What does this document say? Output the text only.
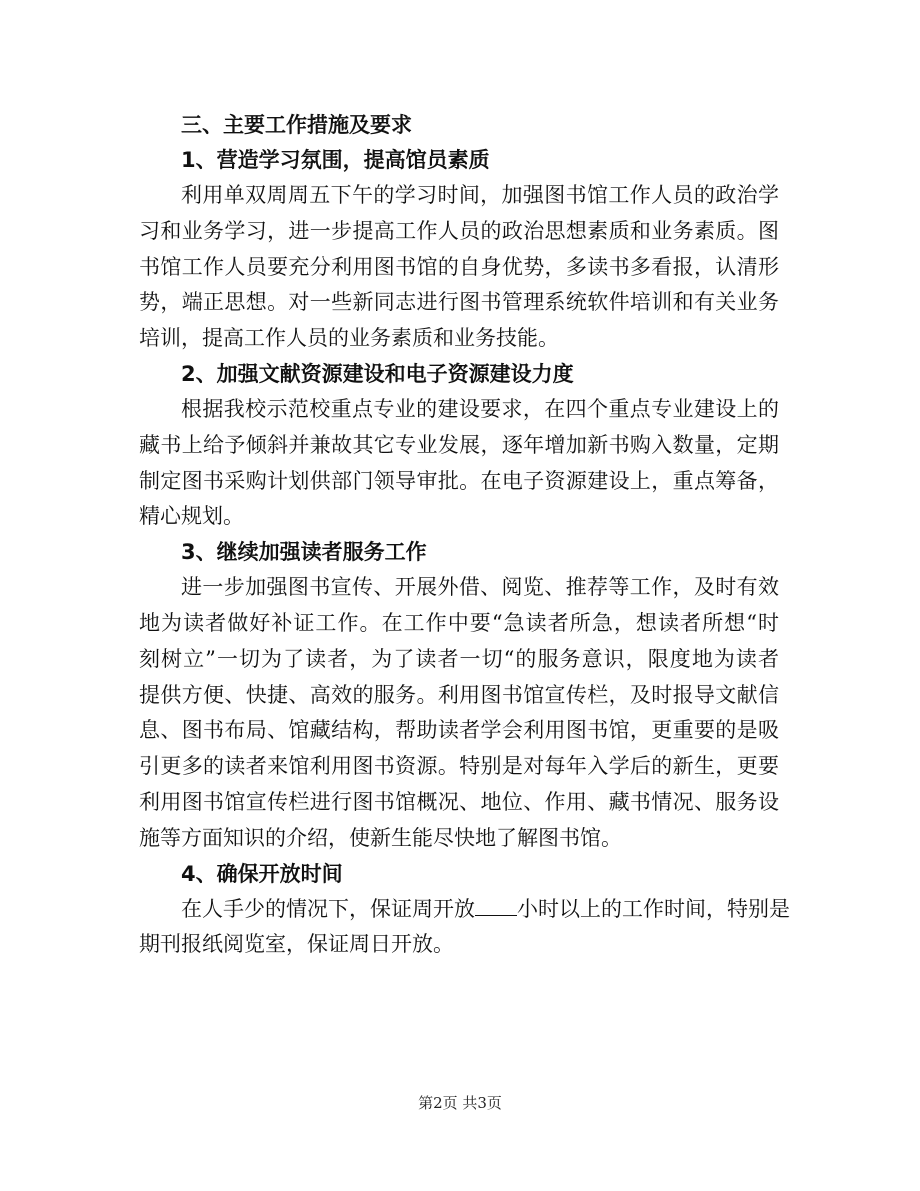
三、主要工作措施及要求

1、营造学习氛围，提高馆员素质

利用单双周周五下午的学习时间，加强图书馆工作人员的政治学
习和业务学习，进一步提高工作人员的政治思想素质和业务素质。图
书馆工作人员要充分利用图书馆的自身优势，多读书多看报，认清形
势，端正思想。对一些新同志进行图书管理系统软件培训和有关业务
培训，提高工作人员的业务素质和业务技能。

2、加强文献资源建设和电子资源建设力度

根据我校示范校重点专业的建设要求，在四个重点专业建设上的
藏书上给予倾斜并兼故其它专业发展，逐年增加新书购入数量，定期
制定图书采购计划供部门领导审批。在电子资源建设上，重点筹备，
精心规划。

3、继续加强读者服务工作

进一步加强图书宣传、开展外借、阅览、推荐等工作，及时有效
地为读者做好补证工作。在工作中要“急读者所急，想读者所想“时
刻树立”一切为了读者，为了读者一切“的服务意识，限度地为读者
提供方便、快捷、高效的服务。利用图书馆宣传栏，及时报导文献信
息、图书布局、馆藏结构，帮助读者学会利用图书馆，更重要的是吸
引更多的读者来馆利用图书资源。特别是对每年入学后的新生，更要
利用图书馆宣传栏进行图书馆概况、地位、作用、藏书情况、服务设
施等方面知识的介绍，使新生能尽快地了解图书馆。

4、确保开放时间

在人手少的情况下，保证周开放 小时以上的工作时间，特别是
期刊报纸阅览室，保证周日开放。
第2页 共3页
